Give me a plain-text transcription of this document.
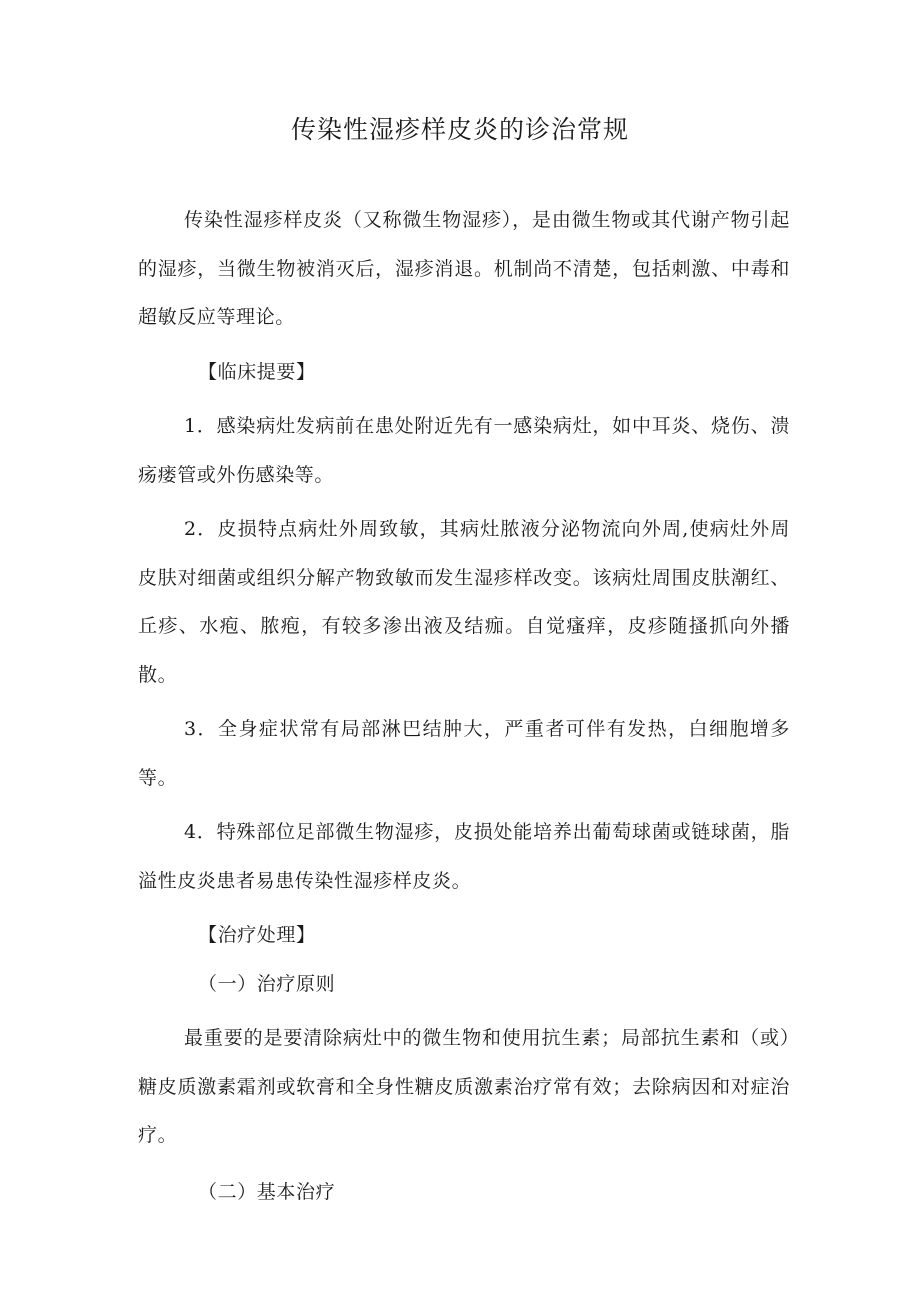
传染性湿疹样皮炎的诊治常规

传染性湿疹样皮炎（又称微生物湿疹），是由微生物或其代谢产物引起的湿疹，当微生物被消灭后，湿疹消退。机制尚不清楚，包括刺激、中毒和超敏反应等理论。

【临床提要】

1．感染病灶发病前在患处附近先有一感染病灶，如中耳炎、烧伤、溃疡瘘管或外伤感染等。

2．皮损特点病灶外周致敏，其病灶脓液分泌物流向外周,使病灶外周皮肤对细菌或组织分解产物致敏而发生湿疹样改变。该病灶周围皮肤潮红、丘疹、水疱、脓疱，有较多渗出液及结痂。自觉瘙痒，皮疹随搔抓向外播散。

3．全身症状常有局部淋巴结肿大，严重者可伴有发热，白细胞增多等。

4．特殊部位足部微生物湿疹，皮损处能培养出葡萄球菌或链球菌，脂溢性皮炎患者易患传染性湿疹样皮炎。

【治疗处理】

（一）治疗原则

最重要的是要清除病灶中的微生物和使用抗生素；局部抗生素和（或）糖皮质激素霜剂或软膏和全身性糖皮质激素治疗常有效；去除病因和对症治疗。

（二）基本治疗
